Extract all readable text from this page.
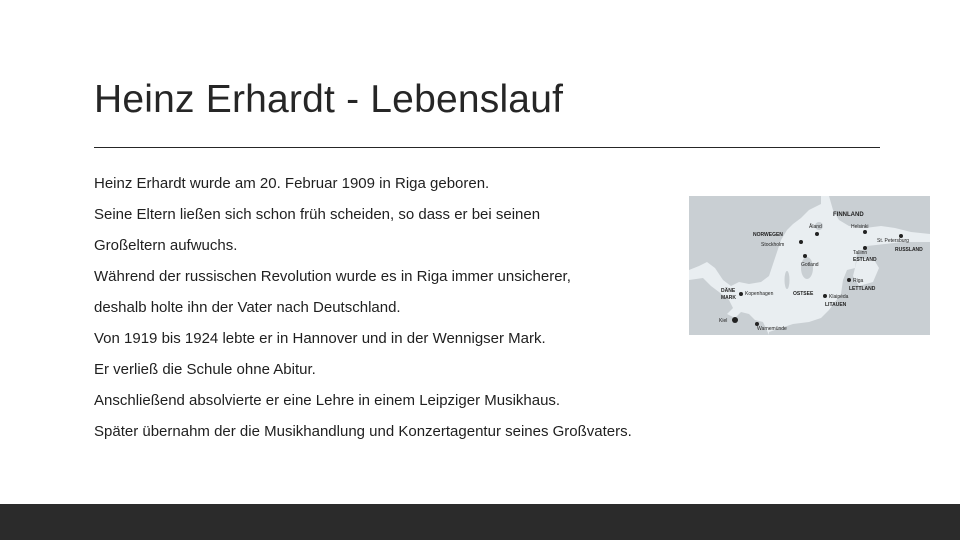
Heinz Erhardt - Lebenslauf
Heinz Erhardt wurde am 20. Februar 1909 in Riga geboren.
Seine Eltern ließen sich schon früh scheiden, so dass er bei seinen
Großeltern aufwuchs.
Während der russischen Revolution wurde es in Riga immer unsicherer,
deshalb holte ihn der Vater nach Deutschland.
Von 1919 bis 1924 lebte er in Hannover und in der Wennigser Mark.
Er verließ die Schule ohne Abitur.
Anschließend absolvierte er eine Lehre in einem Leipziger Musikhaus.
Später übernahm der die Musikhandlung und Konzertagentur seines Großvaters.
FINNLAND
NORWEGEN
Åland	Helsinki
Stockholm
St. Petersburg
RUSSLAND
Tallinn
ESTLAND
Gotland
Riga
LETTLAND
DÄNE
MARK
Kopenhagen	OSTSEE	Klaipėda
LITAUEN
Kiel
Warnemünde
